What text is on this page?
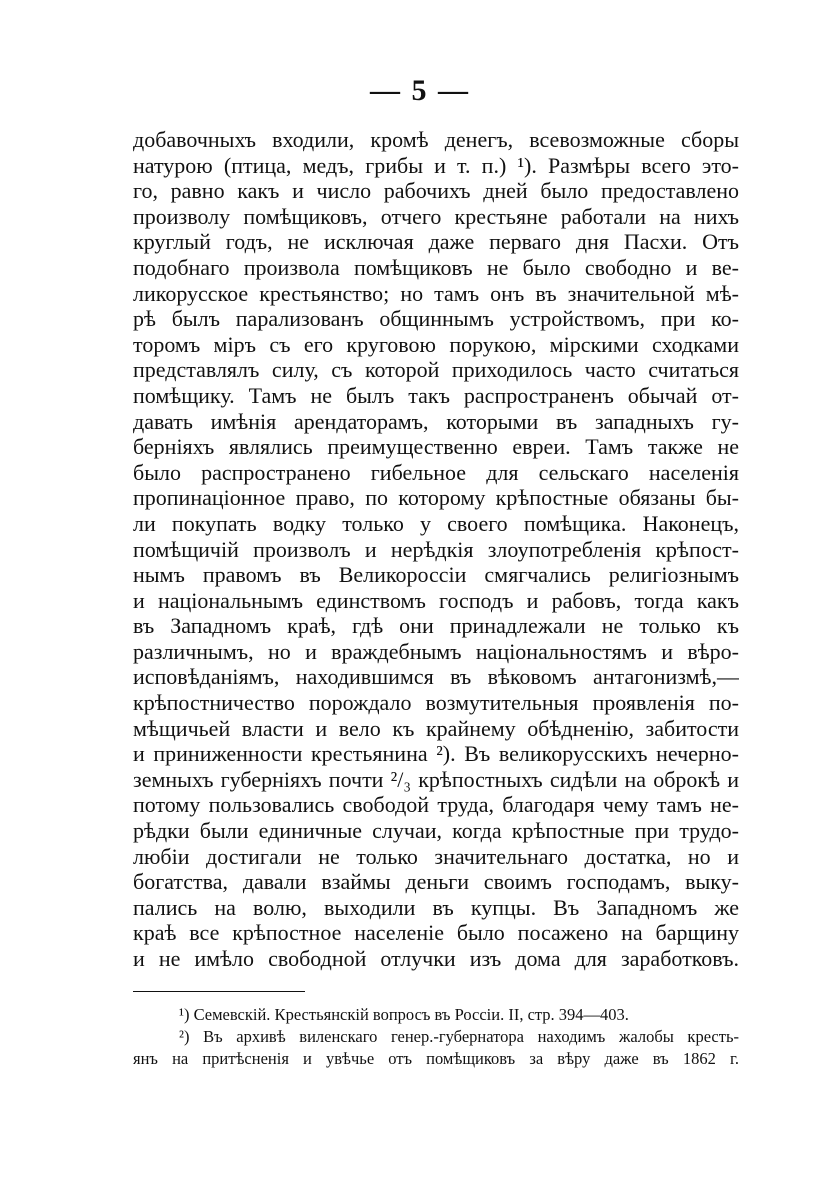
— 5 —
добавочныхъ входили, кромѣ денегъ, всевозможные сборы
натурою (птица, медъ, грибы и т. п.) ¹). Размѣры всего это-
го, равно какъ и число рабочихъ дней было предоставлено
произволу помѣщиковъ, отчего крестьяне работали на нихъ
круглый годъ, не исключая даже перваго дня Пасхи. Отъ
подобнаго произвола помѣщиковъ не было свободно и ве-
ликорусское крестьянство; но тамъ онъ въ значительной мѣ-
рѣ былъ парализованъ общиннымъ устройствомъ, при ко-
торомъ міръ съ его круговою порукою, мірскими сходками
представлялъ силу, съ которой приходилось часто считаться
помѣщику. Тамъ не былъ такъ распространенъ обычай от-
давать имѣнія арендаторамъ, которыми въ западныхъ гу-
берніяхъ являлись преимущественно евреи. Тамъ также не
было распространено гибельное для сельскаго населенія
пропинаціонное право, по которому крѣпостные обязаны бы-
ли покупать водку только у своего помѣщика. Наконецъ,
помѣщичій произволъ и нерѣдкія злоупотребленія крѣпост-
нымъ правомъ въ Великороссіи смягчались религіознымъ
и національнымъ единствомъ господъ и рабовъ, тогда какъ
въ Западномъ краѣ, гдѣ они принадлежали не только къ
различнымъ, но и враждебнымъ національностямъ и вѣро-
исповѣданіямъ, находившимся въ вѣковомъ антагонизмѣ,—
крѣпостничество порождало возмутительныя проявленія по-
мѣщичьей власти и вело къ крайнему обѣдненію, забитости
и приниженности крестьянина ²). Въ великорусскихъ нечерно-
земныхъ губерніяхъ почти ²/₃ крѣпостныхъ сидѣли на оброкѣ и
потому пользовались свободой труда, благодаря чему тамъ не-
рѣдки были единичные случаи, когда крѣпостные при трудо-
любіи достигали не только значительнаго достатка, но и
богатства, давали взаймы деньги своимъ господамъ, выку-
пались на волю, выходили въ купцы. Въ Западномъ же
краѣ все крѣпостное населеніе было посажено на барщину
и не имѣло свободной отлучки изъ дома для заработковъ.
¹) Семевскій. Крестьянскій вопросъ въ Россіи. II, стр. 394—403.
²) Въ архивѣ виленскаго генер.-губернатора находимъ жалобы кресть-
янъ на притѣсненія и увѣчье отъ помѣщиковъ за вѣру даже въ 1862 г.
